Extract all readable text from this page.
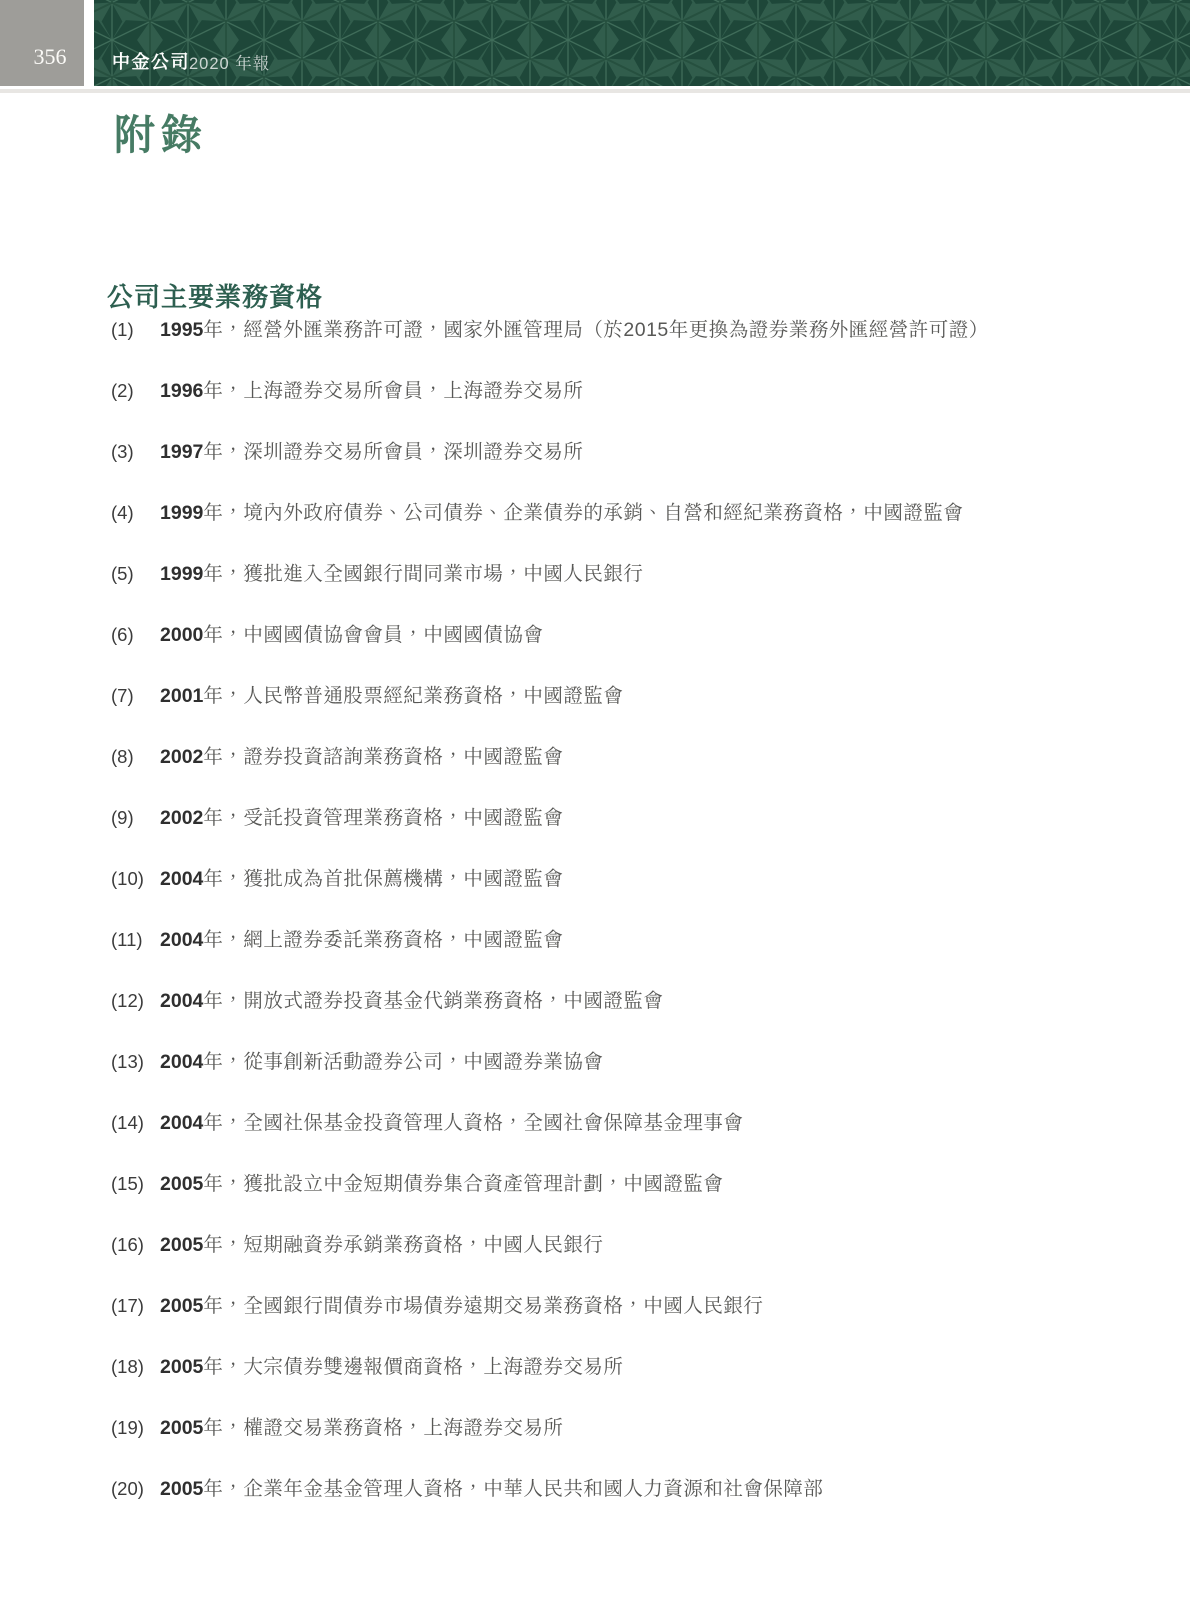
356	中金公司 2020 年報
附錄
公司主要業務資格
(1)	1995年，經營外匯業務許可證，國家外匯管理局（於2015年更換為證券業務外匯經營許可證）
(2)	1996年，上海證券交易所會員，上海證券交易所
(3)	1997年，深圳證券交易所會員，深圳證券交易所
(4)	1999年，境內外政府債券、公司債券、企業債券的承銷、自營和經紀業務資格，中國證監會
(5)	1999年，獲批進入全國銀行間同業市場，中國人民銀行
(6)	2000年，中國國債協會會員，中國國債協會
(7)	2001年，人民幣普通股票經紀業務資格，中國證監會
(8)	2002年，證券投資諮詢業務資格，中國證監會
(9)	2002年，受託投資管理業務資格，中國證監會
(10) 2004年，獲批成為首批保薦機構，中國證監會
(11) 2004年，網上證券委託業務資格，中國證監會
(12) 2004年，開放式證券投資基金代銷業務資格，中國證監會
(13) 2004年，從事創新活動證券公司，中國證券業協會
(14) 2004年，全國社保基金投資管理人資格，全國社會保障基金理事會
(15) 2005年，獲批設立中金短期債券集合資產管理計劃，中國證監會
(16) 2005年，短期融資券承銷業務資格，中國人民銀行
(17) 2005年，全國銀行間債券市場債券遠期交易業務資格，中國人民銀行
(18) 2005年，大宗債券雙邊報價商資格，上海證券交易所
(19) 2005年，權證交易業務資格，上海證券交易所
(20) 2005年，企業年金基金管理人資格，中華人民共和國人力資源和社會保障部
